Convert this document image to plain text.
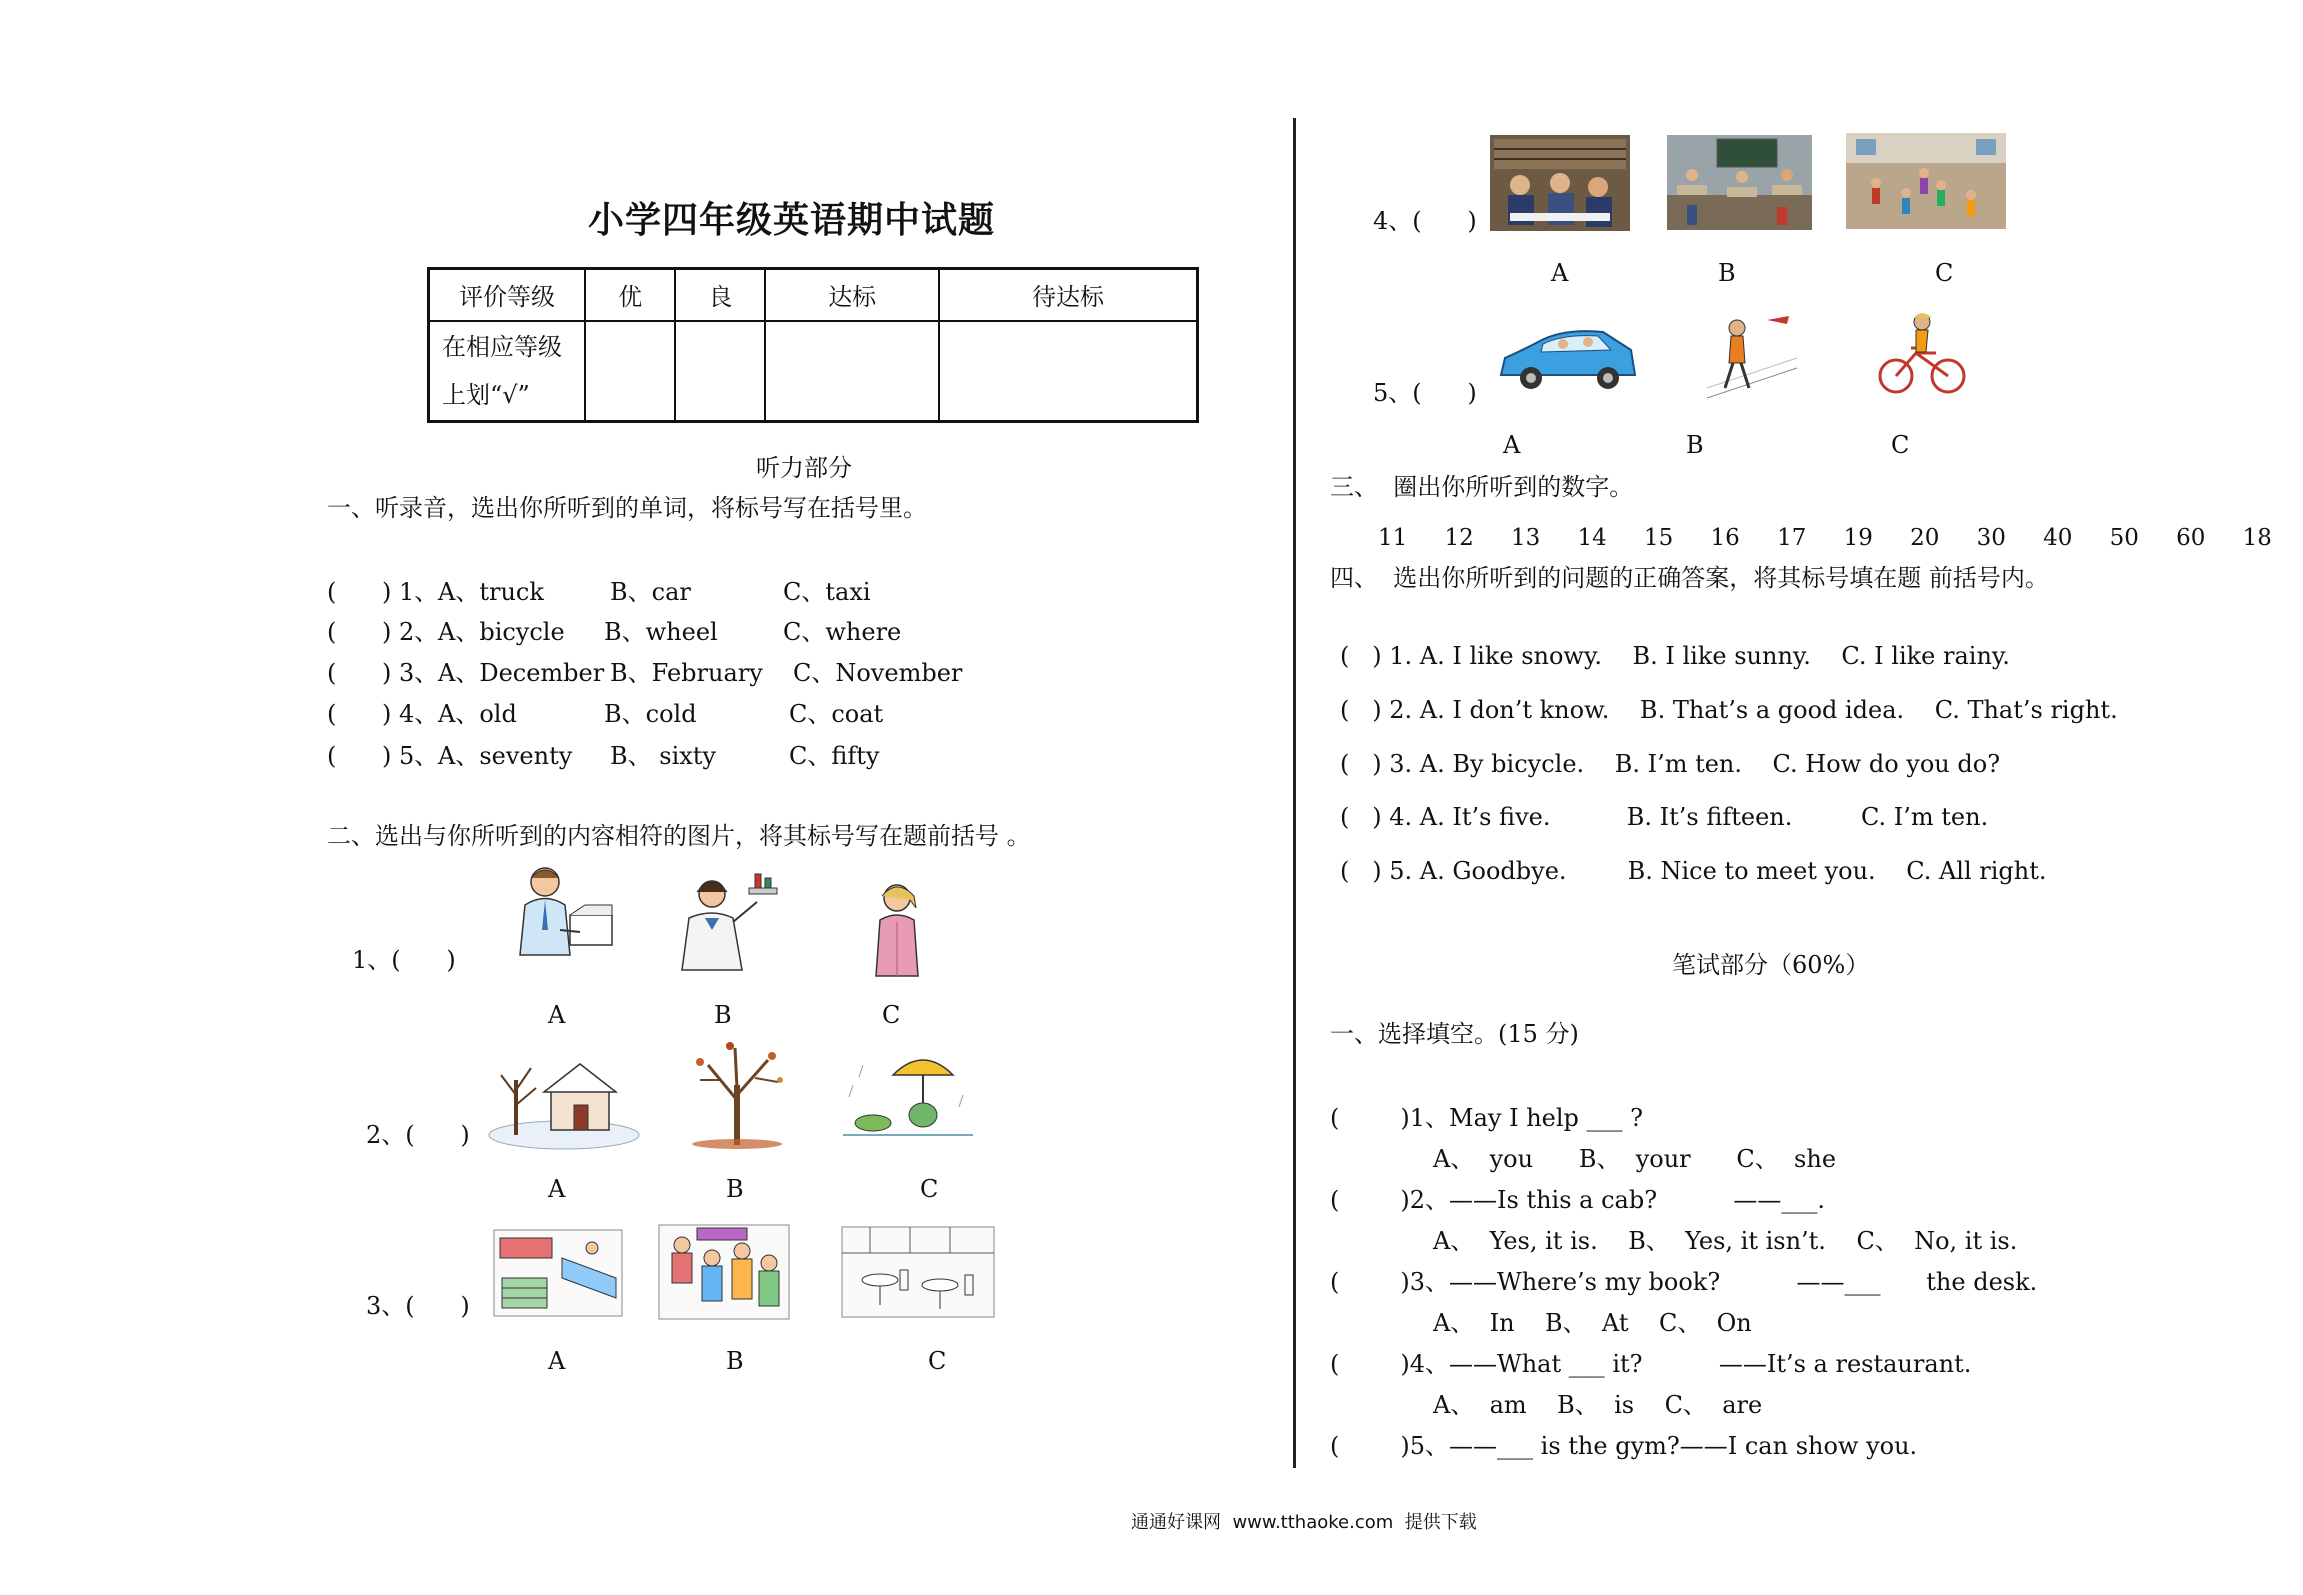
小学四年级英语期中试题
评价等级	优	良	达标	待达标

在相应等级
上划“√”				

听力部分
一、听录音，选出你所听到的单词，将标号写在括号里。
( ) 1、 A、truck	B、car	C、taxi
( ) 2、 A、bicycle B、wheel	C、where
( ) 3、 A、December B、February C、November
( ) 4、 A、old	B、cold	C、coat
( ) 5、 A、seventy B、 sixty	C、fifty
二、选出与你所听到的内容相符的图片，将其标号写在题前括号 。
1、(      )
A	B	C
2、(      )
A	B	C
3、(      )
A	B	C
4、(      )
A	B	C
5、(      )
A	B	C
三、  圈出你所听到的数字。
11    12    13    14    15    16    17    19    20    30    40    50    60    18
四、  选出你所听到的问题的正确答案，将其标号填在题 前括号内。
(   ) 1. A. I like snowy.    B. I like sunny.    C. I like rainy.
(   ) 2. A. I don’t know.    B. That’s a good idea.    C. That’s right.
(   ) 3. A. By bicycle.    B. I’m ten.    C. How do you do?
(   ) 4. A. It’s five.          B. It’s fifteen.         C. I’m ten.
(   ) 5. A. Goodbye.        B. Nice to meet you.    C. All right.
笔试部分（60%）
一、选择填空。(15 分)
(        )1、May I help ___ ?
A、  you      B、  your      C、  she
(        )2、——Is this a cab?          ——___.
A、  Yes, it is.    B、  Yes, it isn’t.    C、  No, it is.
(        )3、——Where’s my book?          ——___      the desk.
A、  In    B、  At    C、  On
(        )4、——What ___ it?          ——It’s a restaurant.
A、  am    B、  is    C、  are
(        )5、——___ is the gym?——I can show you.
通通好课网  www.tthaoke.com  提供下载
